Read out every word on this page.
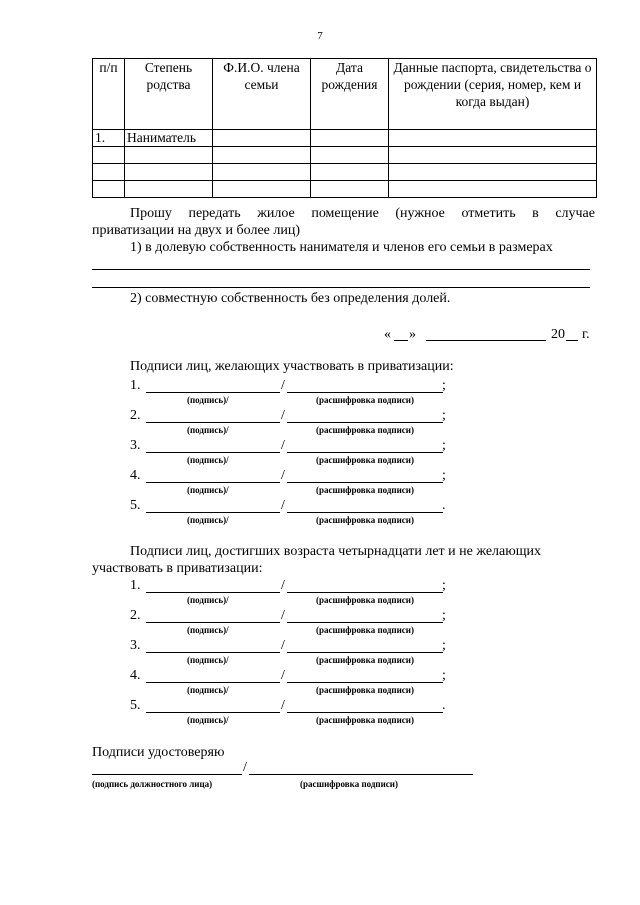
7
п/п	Степень родства	Ф.И.О. члена семьи	Дата рождения	Данные паспорта, свидетельства о рождении (серия, номер, кем и когда выдан)
1.	Наниматель			

Прошу передать жилое помещение (нужное отметить в случае
приватизации на двух и более лиц)
1) в долевую собственность нанимателя и членов его семьи в размерах
2) совместную собственность без определения долей.
« »	20 г.
Подписи лиц, желающих участвовать в приватизации:
1.	/	;
(подпись)/	(расшифровка подписи)
2.	/	;
(подпись)/	(расшифровка подписи)
3.	/	;
(подпись)/	(расшифровка подписи)
4.	/	;
(подпись)/	(расшифровка подписи)
5.	/	.
(подпись)/	(расшифровка подписи)
Подписи лиц, достигших возраста четырнадцати лет и не желающих
участвовать в приватизации:
1.	/	;
(подпись)/	(расшифровка подписи)
2.	/	;
(подпись)/	(расшифровка подписи)
3.	/	;
(подпись)/	(расшифровка подписи)
4.	/	;
(подпись)/	(расшифровка подписи)
5.	/	.
(подпись)/	(расшифровка подписи)
Подписи удостоверяю
/
(подпись должностного лица)	(расшифровка подписи)
